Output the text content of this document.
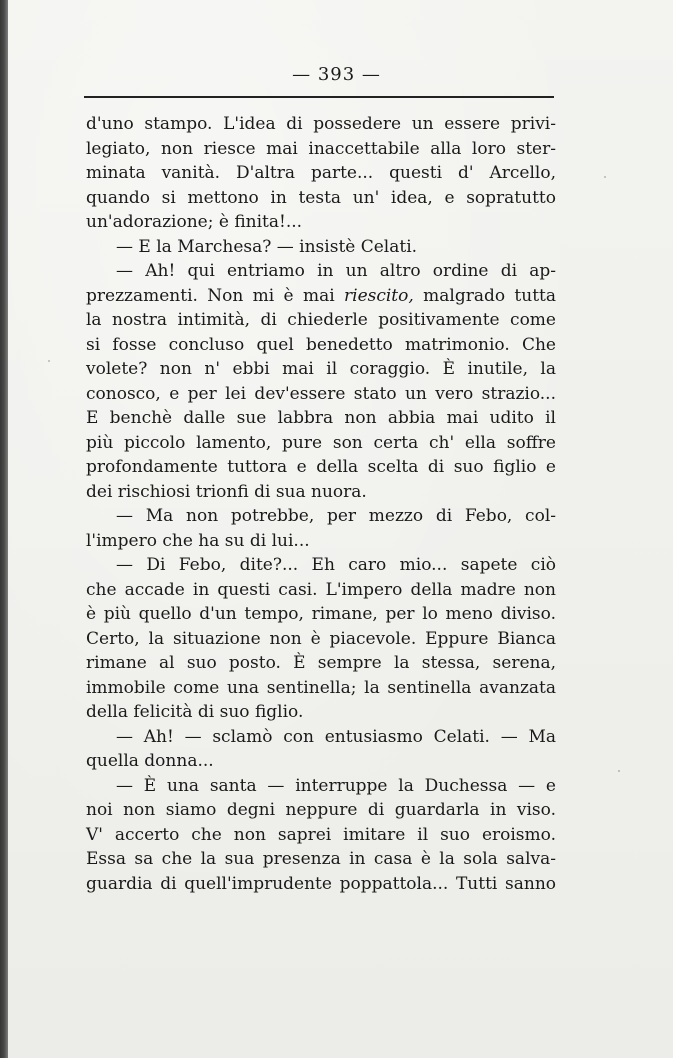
— 393 —
d'uno stampo. L'idea di possedere un essere privi-
legiato, non riesce mai inaccettabile alla loro ster-
minata vanità. D'altra parte... questi d' Arcello,
quando si mettono in testa un' idea, e sopratutto
un'adorazione; è finita!...
— E la Marchesa? — insistè Celati.
— Ah! qui entriamo in un altro ordine di ap-
prezzamenti. Non mi è mai riescito, malgrado tutta
la nostra intimità, di chiederle positivamente come
si fosse concluso quel benedetto matrimonio. Che
volete? non n' ebbi mai il coraggio. È inutile, la
conosco, e per lei dev'essere stato un vero strazio...
E benchè dalle sue labbra non abbia mai udito il
più piccolo lamento, pure son certa ch' ella soffre
profondamente tuttora e della scelta di suo figlio e
dei rischiosi trionfi di sua nuora.
— Ma non potrebbe, per mezzo di Febo, col-
l'impero che ha su di lui...
— Di Febo, dite?... Eh caro mio... sapete ciò
che accade in questi casi. L'impero della madre non
è più quello d'un tempo, rimane, per lo meno diviso.
Certo, la situazione non è piacevole. Eppure Bianca
rimane al suo posto. È sempre la stessa, serena,
immobile come una sentinella; la sentinella avanzata
della felicità di suo figlio.
— Ah! — sclamò con entusiasmo Celati. — Ma
quella donna...
— È una santa — interruppe la Duchessa — e
noi non siamo degni neppure di guardarla in viso.
V' accerto che non saprei imitare il suo eroismo.
Essa sa che la sua presenza in casa è la sola salva-
guardia di quell'imprudente poppattola... Tutti sanno
